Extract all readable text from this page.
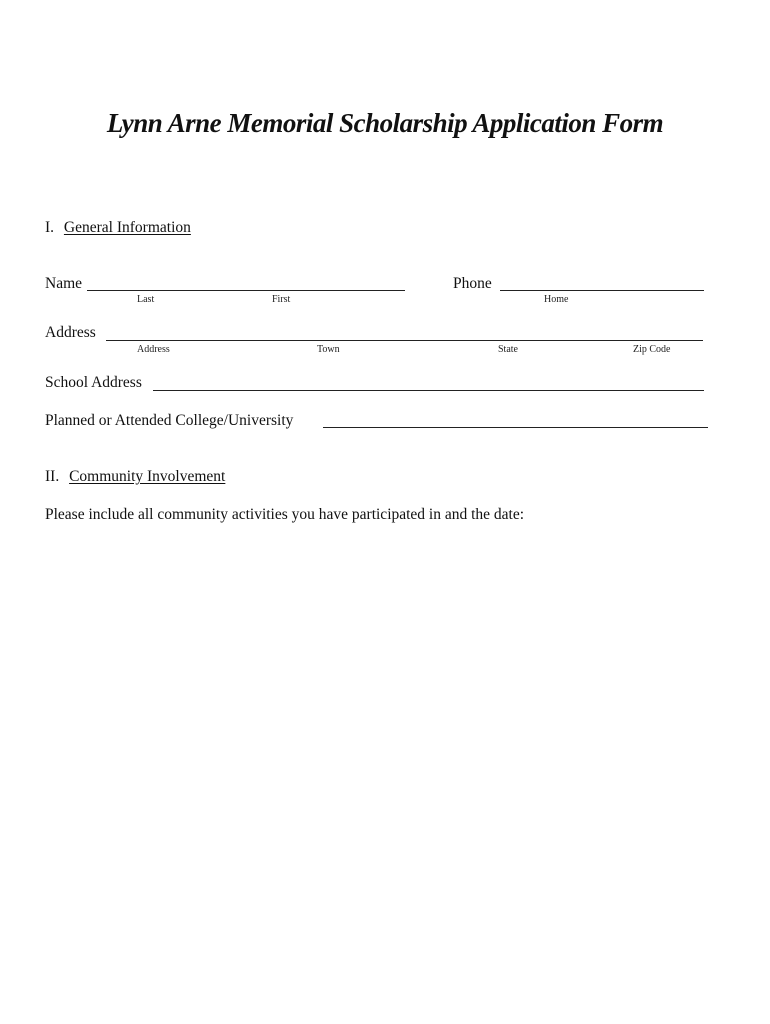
Lynn Arne Memorial Scholarship Application Form
I. General Information
Name
Last	First
Phone
Home
Address
Address	Town	State	Zip Code
School Address
Planned or Attended College/University
II. Community Involvement
Please include all community activities you have participated in and the date:
